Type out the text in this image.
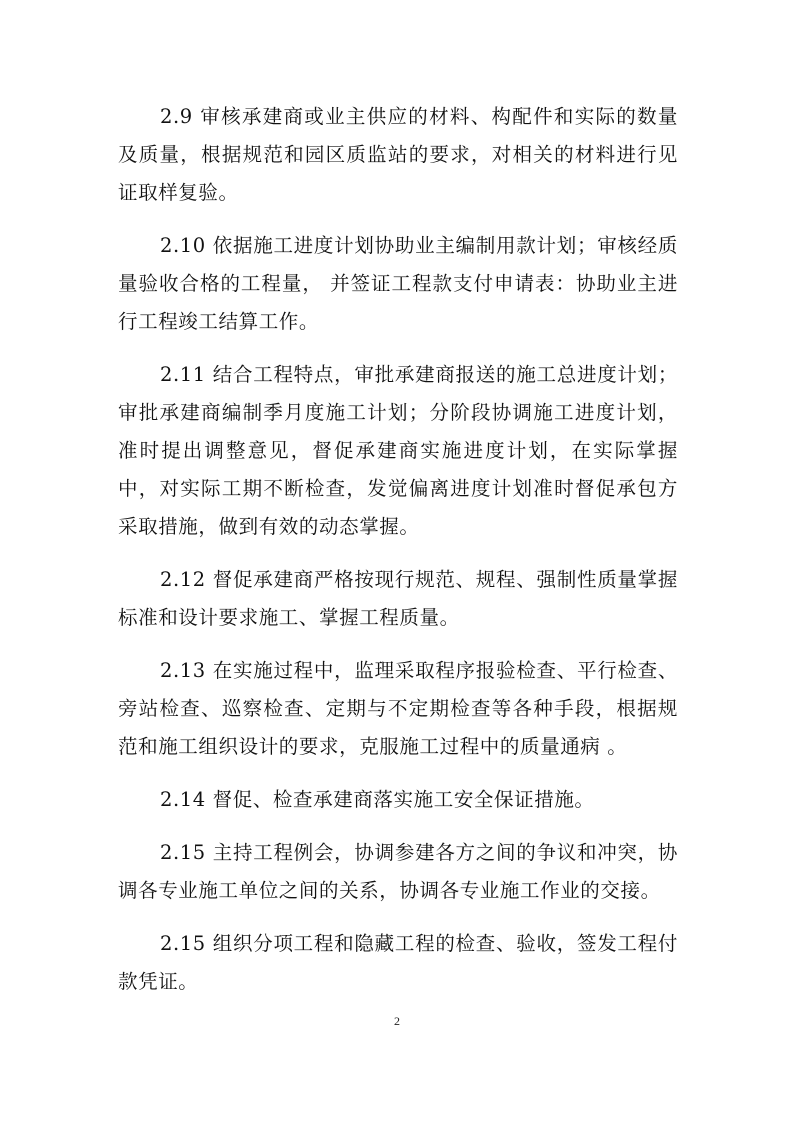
2.9 审核承建商或业主供应的材料、构配件和实际的数量及质量，根据规范和园区质监站的要求，对相关的材料进行见证取样复验。

2.10 依据施工进度计划协助业主编制用款计划；审核经质量验收合格的工程量， 并签证工程款支付申请表：协助业主进行工程竣工结算工作。

2.11 结合工程特点，审批承建商报送的施工总进度计划；审批承建商编制季月度施工计划；分阶段协调施工进度计划，准时提出调整意见，督促承建商实施进度计划，在实际掌握中，对实际工期不断检查，发觉偏离进度计划准时督促承包方采取措施，做到有效的动态掌握。

2.12 督促承建商严格按现行规范、规程、强制性质量掌握标准和设计要求施工、掌握工程质量。

2.13 在实施过程中，监理采取程序报验检查、平行检查、旁站检查、巡察检查、定期与不定期检查等各种手段，根据规范和施工组织设计的要求，克服施工过程中的质量通病 。

2.14 督促、检查承建商落实施工安全保证措施。

2.15 主持工程例会，协调参建各方之间的争议和冲突，协调各专业施工单位之间的关系，协调各专业施工作业的交接。

2.15 组织分项工程和隐藏工程的检查、验收，签发工程付款凭证。

2
